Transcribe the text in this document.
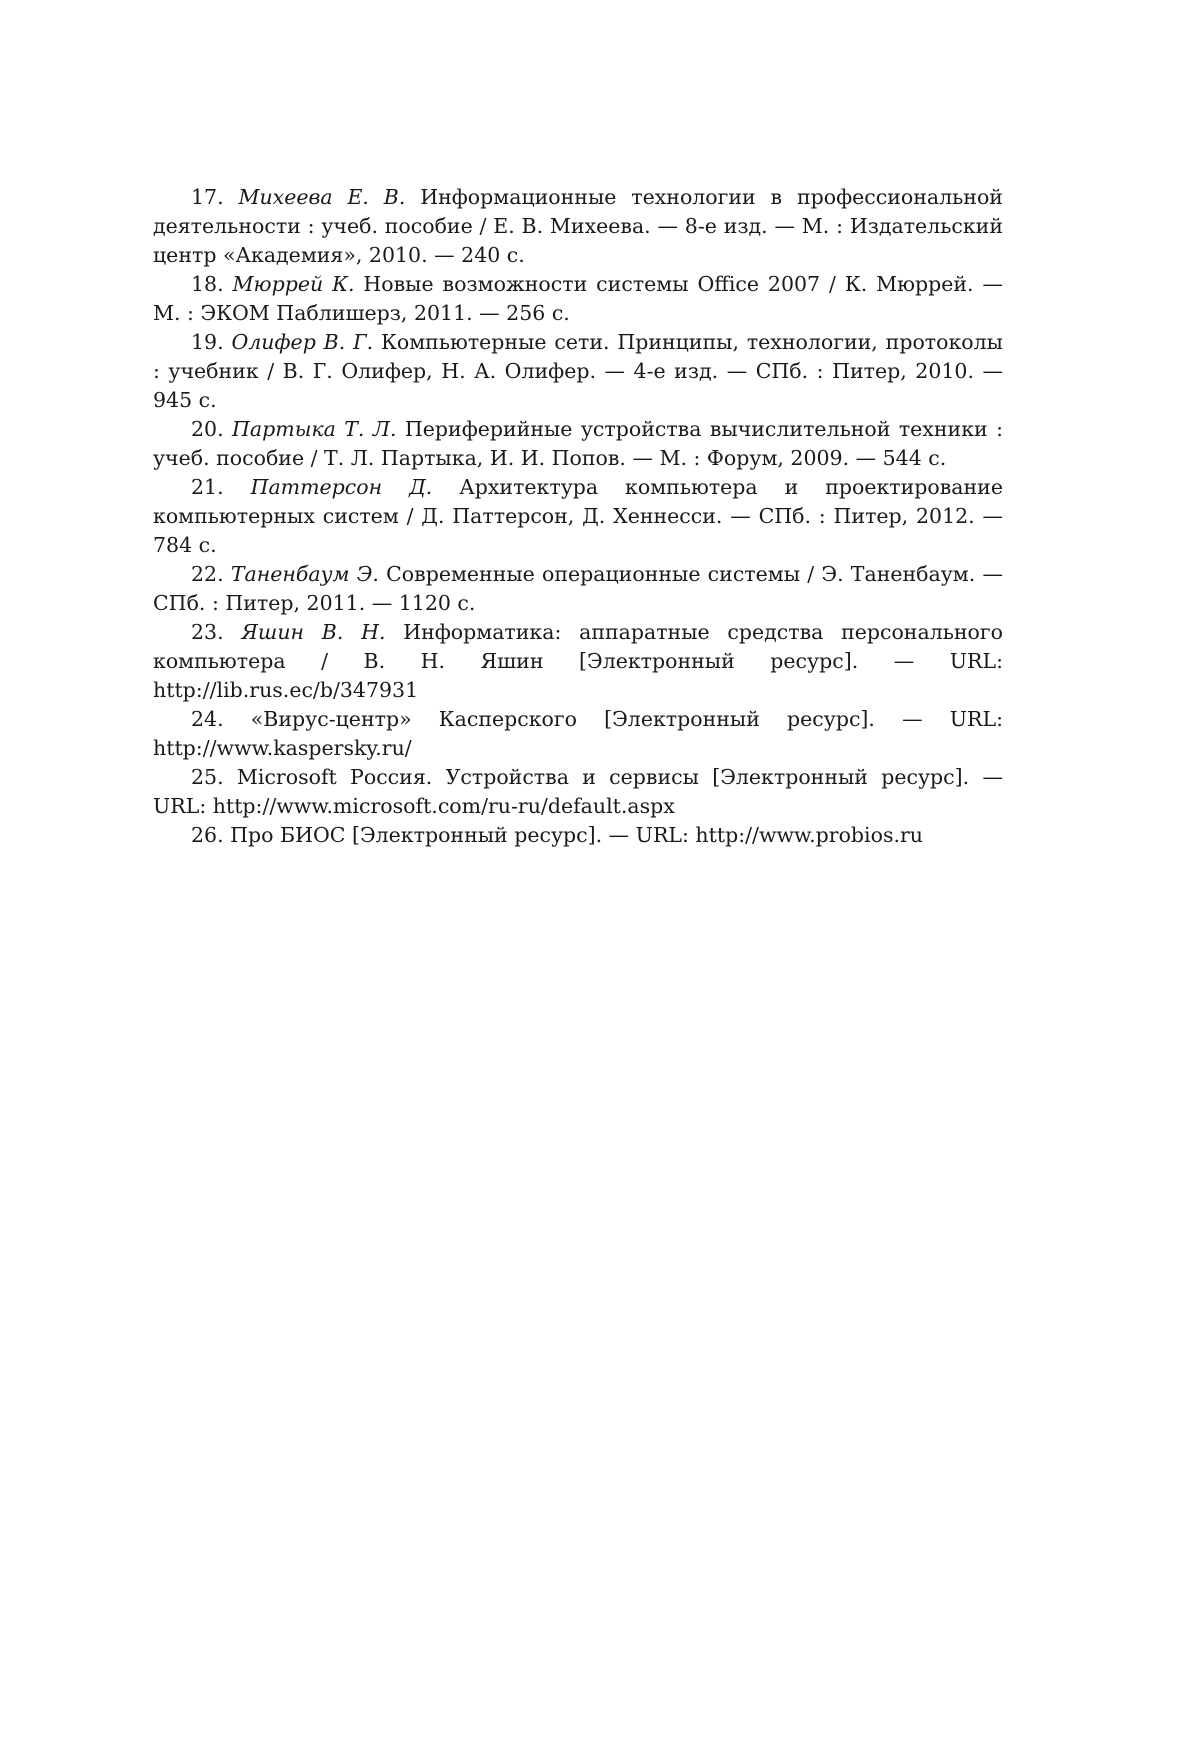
17. Михеева Е. В. Информационные технологии в профессиональной деятельности : учеб. пособие / Е. В. Михеева. — 8-е изд. — М. : Издательский центр «Академия», 2010. — 240 с.

18. Мюррей К. Новые возможности системы Office 2007 / К. Мюррей. — М. : ЭКОМ Паблишерз, 2011. — 256 с.

19. Олифер В. Г. Компьютерные сети. Принципы, технологии, протоколы : учебник / В. Г. Олифер, Н. А. Олифер. — 4-е изд. — СПб. : Питер, 2010. — 945 с.

20. Партыка Т. Л. Периферийные устройства вычислительной техники : учеб. пособие / Т. Л. Партыка, И. И. Попов. — М. : Форум, 2009. — 544 с.

21. Паттерсон Д. Архитектура компьютера и проектирование компьютерных систем / Д. Паттерсон, Д. Хеннесси. — СПб. : Питер, 2012. — 784 с.

22. Таненбаум Э. Современные операционные системы / Э. Таненбаум. — СПб. : Питер, 2011. — 1120 с.

23. Яшин В. Н. Информатика: аппаратные средства персонального компьютера / В. Н. Яшин [Электронный ресурс]. — URL: http://lib.rus.ec/b/347931

24. «Вирус-центр» Касперского [Электронный ресурс]. — URL: http://www.kaspersky.ru/

25. Microsoft Россия. Устройства и сервисы [Электронный ресурс]. — URL: http://www.microsoft.com/ru-ru/default.aspx

26. Про БИОС [Электронный ресурс]. — URL: http://www.probios.ru
